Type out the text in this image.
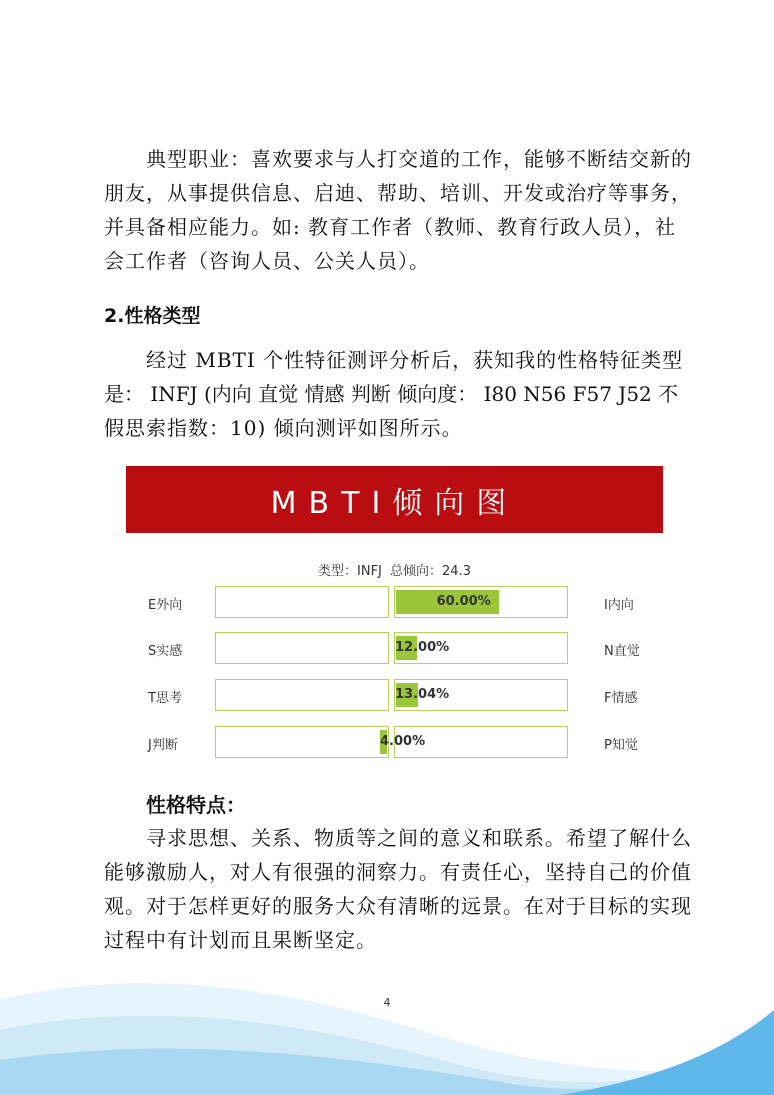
典型职业：喜欢要求与人打交道的工作，能够不断结交新的
朋友，从事提供信息、启迪、帮助、培训、开发或治疗等事务，
并具备相应能力。如: 教育工作者（教师、教育行政人员），社
会工作者（咨询人员、公关人员）。
2.性格类型
经过 MBTI 个性特征测评分析后，获知我的性格特征类型
是： INFJ (内向 直觉 情感 判断 倾向度： I80 N56 F57 J52 不
假思索指数：10) 倾向测评如图所示。
MBTI倾向图
类型：INFJ 总倾向：24.3
E外向	60.00%	I内向
S实感	12.00%	N直觉
T思考	13.04%	F情感
J判断	4.00%	P知觉
性格特点：
寻求思想、关系、物质等之间的意义和联系。希望了解什么
能够激励人，对人有很强的洞察力。有责任心，坚持自己的价值
观。对于怎样更好的服务大众有清晰的远景。在对于目标的实现
过程中有计划而且果断坚定。
4
